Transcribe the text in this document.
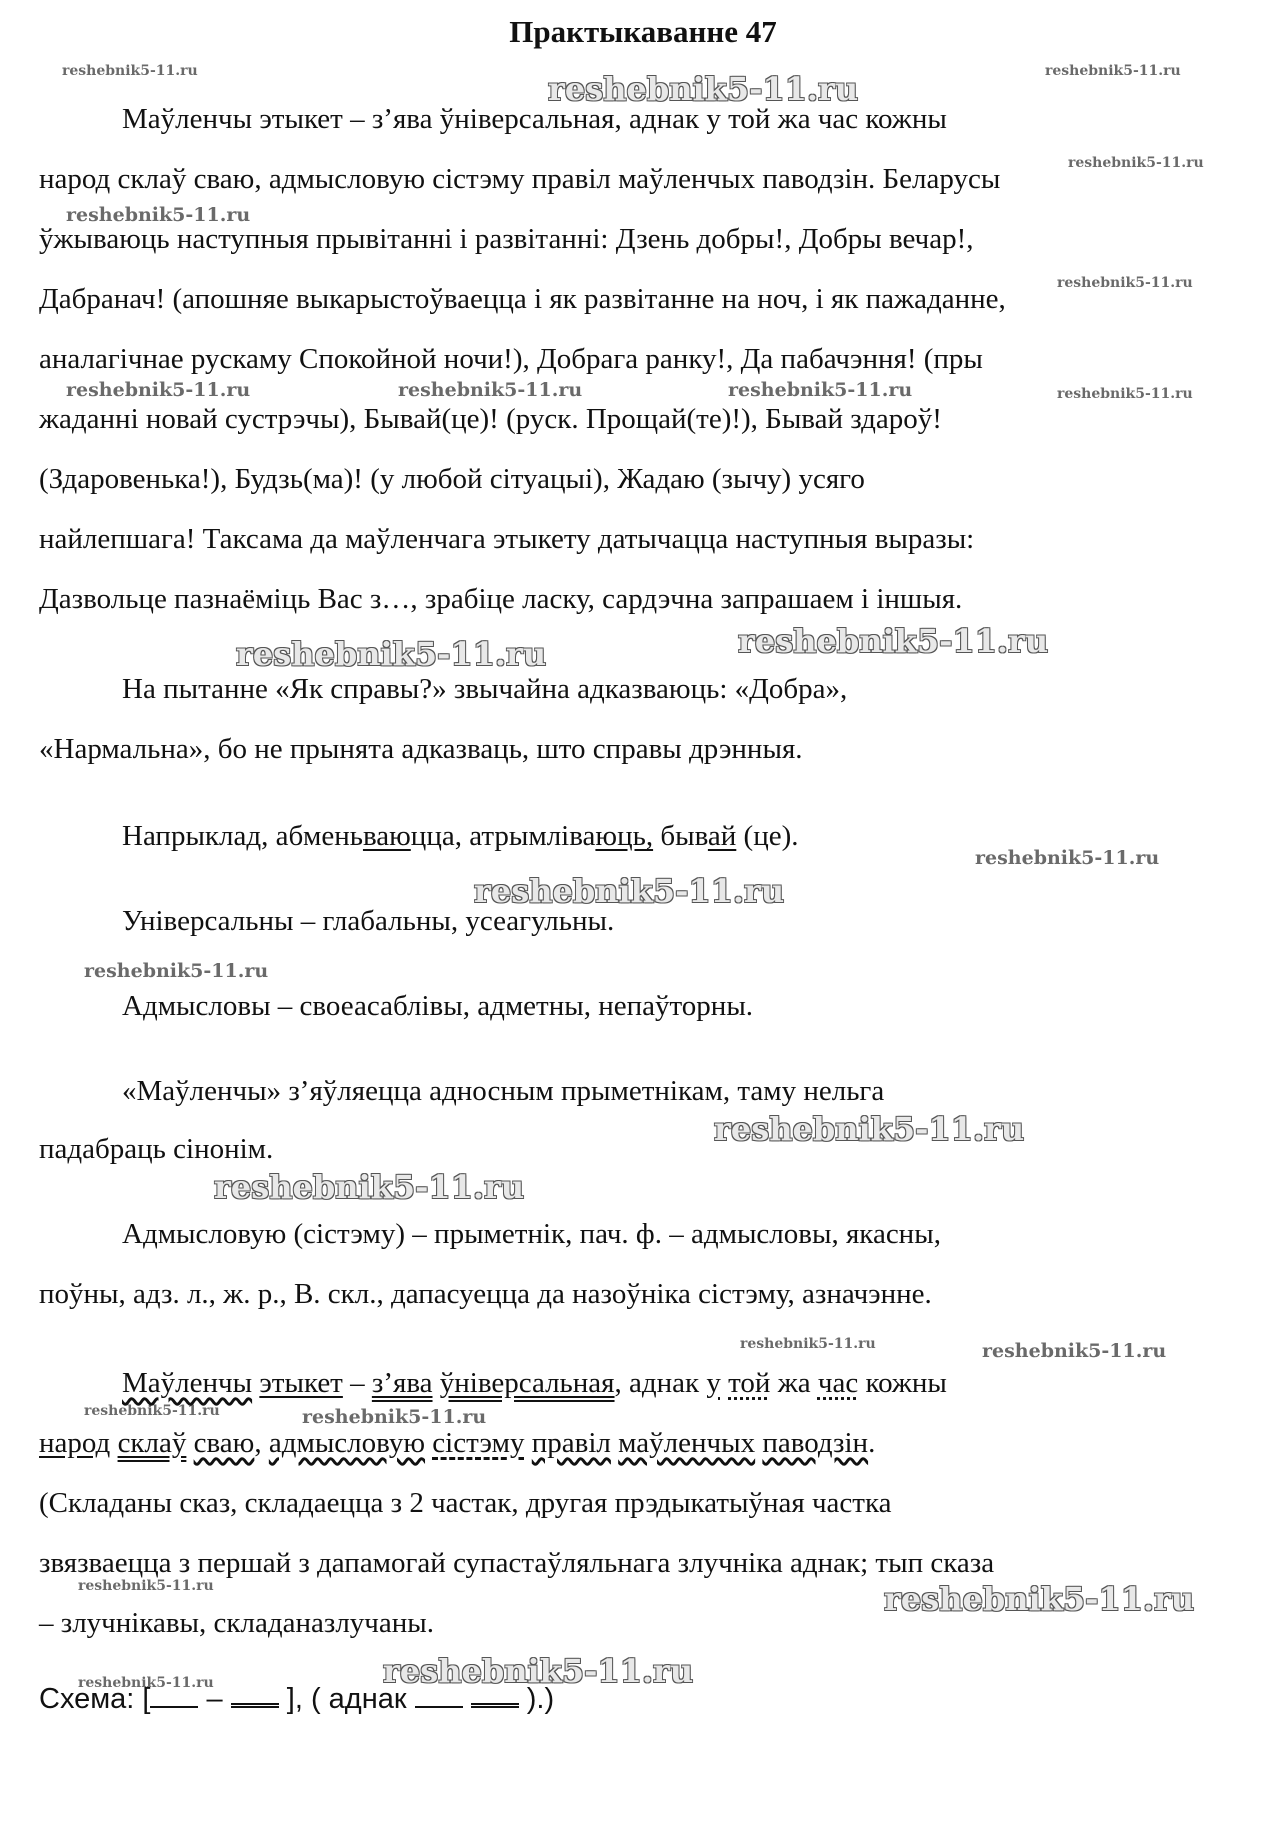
Практыкаванне 47
reshebnik5-11.ru	reshebnik5-11.ru
reshebnik5-11.ru
reshebnik5-11.ru
reshebnik5-11.ru
reshebnik5-11.ru
reshebnik5-11.ru	reshebnik5-11.ru	reshebnik5-11.ru	reshebnik5-11.ru
reshebnik5-11.ru	reshebnik5-11.ru
reshebnik5-11.ru
reshebnik5-11.ru
reshebnik5-11.ru
reshebnik5-11.ru
reshebnik5-11.ru
reshebnik5-11.ru	reshebnik5-11.ru
reshebnik5-11.ru	reshebnik5-11.ru
reshebnik5-11.ru	reshebnik5-11.ru
reshebnik5-11.ru	reshebnik5-11.ru
Маўленчы этыкет – з’ява ўніверсальная, аднак у той жа час кожны
народ склаў сваю, адмысловую сістэму правіл маўленчых паводзін. Беларусы
ўжываюць наступныя прывітанні і развітанні: Дзень добры!, Добры вечар!,
Дабранач! (апошняе выкарыстоўваецца і як развітанне на ноч, і як пажаданне,
аналагічнае рускаму Спокойной ночи!), Добрага ранку!, Да пабачэння! (пры
жаданні новай сустрэчы), Бывай(це)! (руск. Прощай(те)!), Бывай здароў!
(Здаровенька!), Будзь(ма)! (у любой сітуацыі), Жадаю (зычу) усяго
найлепшага! Таксама да маўленчага этыкету датычацца наступныя выразы:
Дазвольце пазнаёміць Вас з…, зрабіце ласку, сардэчна запрашаем і іншыя.
На пытанне «Як справы?» звычайна адказваюць: «Добра»,
«Нармальна», бо не прынята адказваць, што справы дрэнныя.
Напрыклад, абменьваюцца, атрымліваюць, бывай (це).
Універсальны – глабальны, усеагульны.
Адмысловы – своеасаблівы, адметны, непаўторны.
«Маўленчы» з’яўляецца адносным прыметнікам, таму нельга
падабраць сінонім.
Адмысловую (сістэму) – прыметнік, пач. ф. – адмысловы, якасны,
поўны, адз. л., ж. р., В. скл., дапасуецца да назоўніка сістэму, азначэнне.
Маўленчы этыкет – з’ява ўніверсальная, аднак у той жа час кожны
народ склаў сваю, адмысловую сістэму правіл маўленчых паводзін.
(Складаны сказ, складаецца з 2 частак, другая прэдыкатыўная частка
звязваецца з першай з дапамогай супастаўляльнага злучніка аднак; тып сказа
– злучнікавы, складаназлучаны.
Схема: [ –  ], ( аднак	).)
